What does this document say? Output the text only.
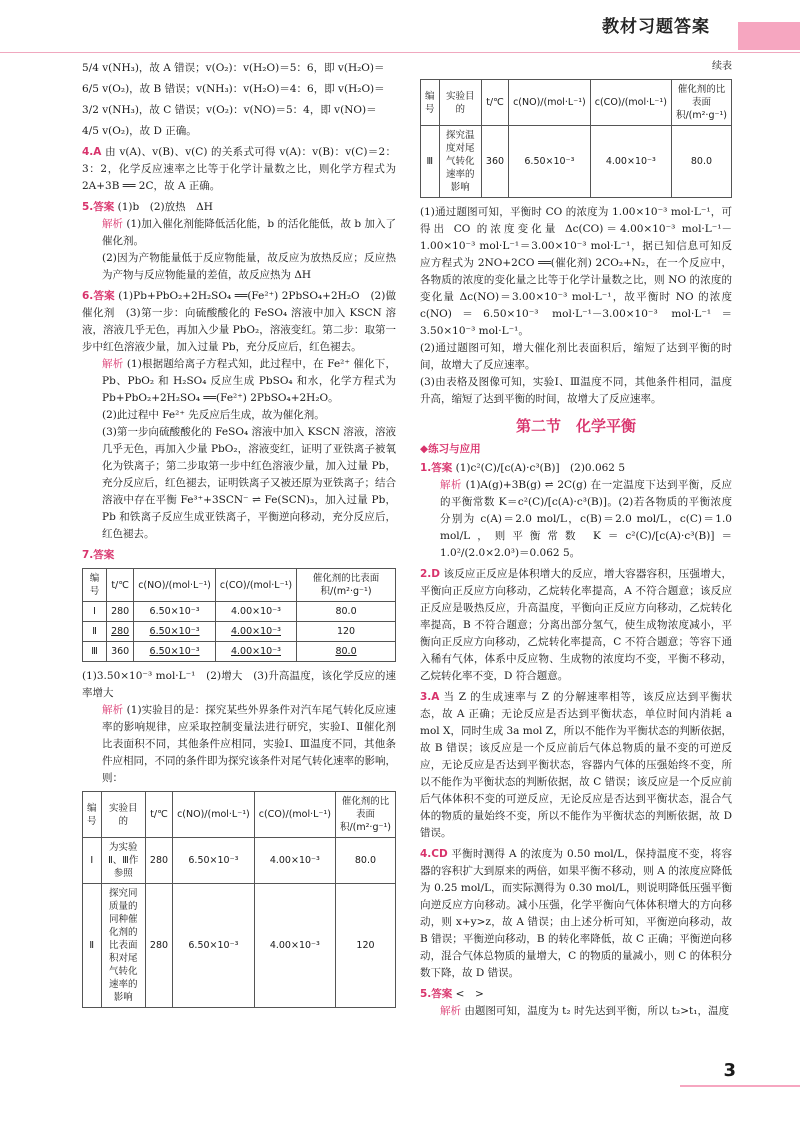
教材习题答案

5/4 v(NH₃)，故 A 错误；v(O₂)：v(H₂O)＝5：6，即 v(H₂O)＝

6/5 v(O₂)，故 B 错误；v(NH₃)：v(H₂O)＝4：6，即 v(H₂O)＝

3/2 v(NH₃)，故 C 错误；v(O₂)：v(NO)＝5：4，即 v(NO)＝

4/5 v(O₂)，故 D 正确。

4.A 由 v(A)、v(B)、v(C) 的关系式可得 v(A)：v(B)：v(C)＝2：3：2，化学反应速率之比等于化学计量数之比，则化学方程式为 2A+3B ══ 2C，故 A 正确。

5.答案 (1)b　(2)放热　ΔH

解析 (1)加入催化剂能降低活化能，b 的活化能低，故 b 加入了催化剂。

(2)因为产物能量低于反应物能量，故反应为放热反应；反应热为产物与反应物能量的差值，故反应热为 ΔH

6.答案 (1)Pb+PbO₂+2H₂SO₄ ══(Fe²⁺) 2PbSO₄+2H₂O　(2)做催化剂　(3)第一步：向硫酸酸化的 FeSO₄ 溶液中加入 KSCN 溶液，溶液几乎无色，再加入少量 PbO₂，溶液变红。第二步：取第一步中红色溶液少量，加入过量 Pb，充分反应后，红色褪去。

解析 (1)根据题给离子方程式知，此过程中，在 Fe²⁺ 催化下，Pb、PbO₂ 和 H₂SO₄ 反应生成 PbSO₄ 和水，化学方程式为 Pb+PbO₂+2H₂SO₄ ══(Fe²⁺) 2PbSO₄+2H₂O。

(2)此过程中 Fe²⁺ 先反应后生成，故为催化剂。

(3)第一步向硫酸酸化的 FeSO₄ 溶液中加入 KSCN 溶液，溶液几乎无色，再加入少量 PbO₂，溶液变红，证明了亚铁离子被氧化为铁离子；第二步取第一步中红色溶液少量，加入过量 Pb，充分反应后，红色褪去，证明铁离子又被还原为亚铁离子；结合溶液中存在平衡 Fe³⁺+3SCN⁻ ⇌ Fe(SCN)₃，加入过量 Pb，Pb 和铁离子反应生成亚铁离子，平衡逆向移动，充分反应后，红色褪去。

7.答案

编号	t/℃	c(NO)/(mol·L⁻¹)	c(CO)/(mol·L⁻¹)	催化剂的比表面积/(m²·g⁻¹)
Ⅰ	280	6.50×10⁻³	4.00×10⁻³	80.0
Ⅱ	280	6.50×10⁻³	4.00×10⁻³	120
Ⅲ	360	6.50×10⁻³	4.00×10⁻³	80.0

(1)3.50×10⁻³ mol·L⁻¹　(2)增大　(3)升高温度，该化学反应的速率增大

解析 (1)实验目的是：探究某些外界条件对汽车尾气转化反应速率的影响规律，应采取控制变量法进行研究，实验Ⅰ、Ⅱ催化剂比表面积不同，其他条件应相同，实验Ⅰ、Ⅲ温度不同，其他条件应相同，不同的条件即为探究该条件对尾气转化速率的影响，则：

编号	实验目的	t/℃	c(NO)/(mol·L⁻¹)	c(CO)/(mol·L⁻¹)	催化剂的比表面积/(m²·g⁻¹)
Ⅰ	为实验Ⅱ、Ⅲ作参照	280	6.50×10⁻³	4.00×10⁻³	80.0
Ⅱ	探究同质量的同种催化剂的比表面积对尾气转化速率的影响	280	6.50×10⁻³	4.00×10⁻³	120
续表
编号	实验目的	t/℃	c(NO)/(mol·L⁻¹)	c(CO)/(mol·L⁻¹)	催化剂的比表面积/(m²·g⁻¹)
Ⅲ	探究温度对尾气转化速率的影响	360	6.50×10⁻³	4.00×10⁻³	80.0

(1)通过题图可知，平衡时 CO 的浓度为 1.00×10⁻³ mol·L⁻¹，可得出 CO 的浓度变化量 Δc(CO)＝4.00×10⁻³ mol·L⁻¹－1.00×10⁻³ mol·L⁻¹＝3.00×10⁻³ mol·L⁻¹，据已知信息可知反应方程式为 2NO+2CO ══(催化剂) 2CO₂+N₂，在一个反应中，各物质的浓度的变化量之比等于化学计量数之比，则 NO 的浓度的变化量 Δc(NO)＝3.00×10⁻³ mol·L⁻¹，故平衡时 NO 的浓度 c(NO)＝6.50×10⁻³ mol·L⁻¹－3.00×10⁻³ mol·L⁻¹＝3.50×10⁻³ mol·L⁻¹。

(2)通过题图可知，增大催化剂比表面积后，缩短了达到平衡的时间，故增大了反应速率。

(3)由表格及图像可知，实验Ⅰ、Ⅲ温度不同，其他条件相同，温度升高，缩短了达到平衡的时间，故增大了反应速率。

第二节　化学平衡
◆练习与应用

1.答案 (1)c²(C)/[c(A)·c³(B)]　(2)0.062 5

解析 (1)A(g)+3B(g) ⇌ 2C(g) 在一定温度下达到平衡，反应的平衡常数 K＝c²(C)/[c(A)·c³(B)]。(2)若各物质的平衡浓度分别为 c(A)＝2.0 mol/L，c(B)＝2.0 mol/L，c(C)＝1.0 mol/L，则平衡常数 K＝c²(C)/[c(A)·c³(B)]＝1.0²/(2.0×2.0³)＝0.062 5。

2.D 该反应正反应是体积增大的反应，增大容器容积，压强增大，平衡向正反应方向移动，乙烷转化率提高，A 不符合题意；该反应正反应是吸热反应，升高温度，平衡向正反应方向移动，乙烷转化率提高，B 不符合题意；分离出部分氢气，使生成物浓度减小，平衡向正反应方向移动，乙烷转化率提高，C 不符合题意；等容下通入稀有气体，体系中反应物、生成物的浓度均不变，平衡不移动，乙烷转化率不变，D 符合题意。

3.A 当 Z 的生成速率与 Z 的分解速率相等，该反应达到平衡状态，故 A 正确；无论反应是否达到平衡状态，单位时间内消耗 a mol X，同时生成 3a mol Z，所以不能作为平衡状态的判断依据，故 B 错误；该反应是一个反应前后气体总物质的量不变的可逆反应，无论反应是否达到平衡状态，容器内气体的压强始终不变，所以不能作为平衡状态的判断依据，故 C 错误；该反应是一个反应前后气体体积不变的可逆反应，无论反应是否达到平衡状态，混合气体的物质的量始终不变，所以不能作为平衡状态的判断依据，故 D 错误。

4.CD 平衡时测得 A 的浓度为 0.50 mol/L，保持温度不变，将容器的容积扩大到原来的两倍，如果平衡不移动，则 A 的浓度应降低为 0.25 mol/L，而实际测得为 0.30 mol/L，则说明降低压强平衡向逆反应方向移动。减小压强，化学平衡向气体体积增大的方向移动，则 x+y>z，故 A 错误；由上述分析可知，平衡逆向移动，故 B 错误；平衡逆向移动，B 的转化率降低，故 C 正确；平衡逆向移动，混合气体总物质的量增大，C 的物质的量减小，则 C 的体积分数下降，故 D 错误。

5.答案 <　>

解析 由题图可知，温度为 t₂ 时先达到平衡，所以 t₂>t₁，温度

3
